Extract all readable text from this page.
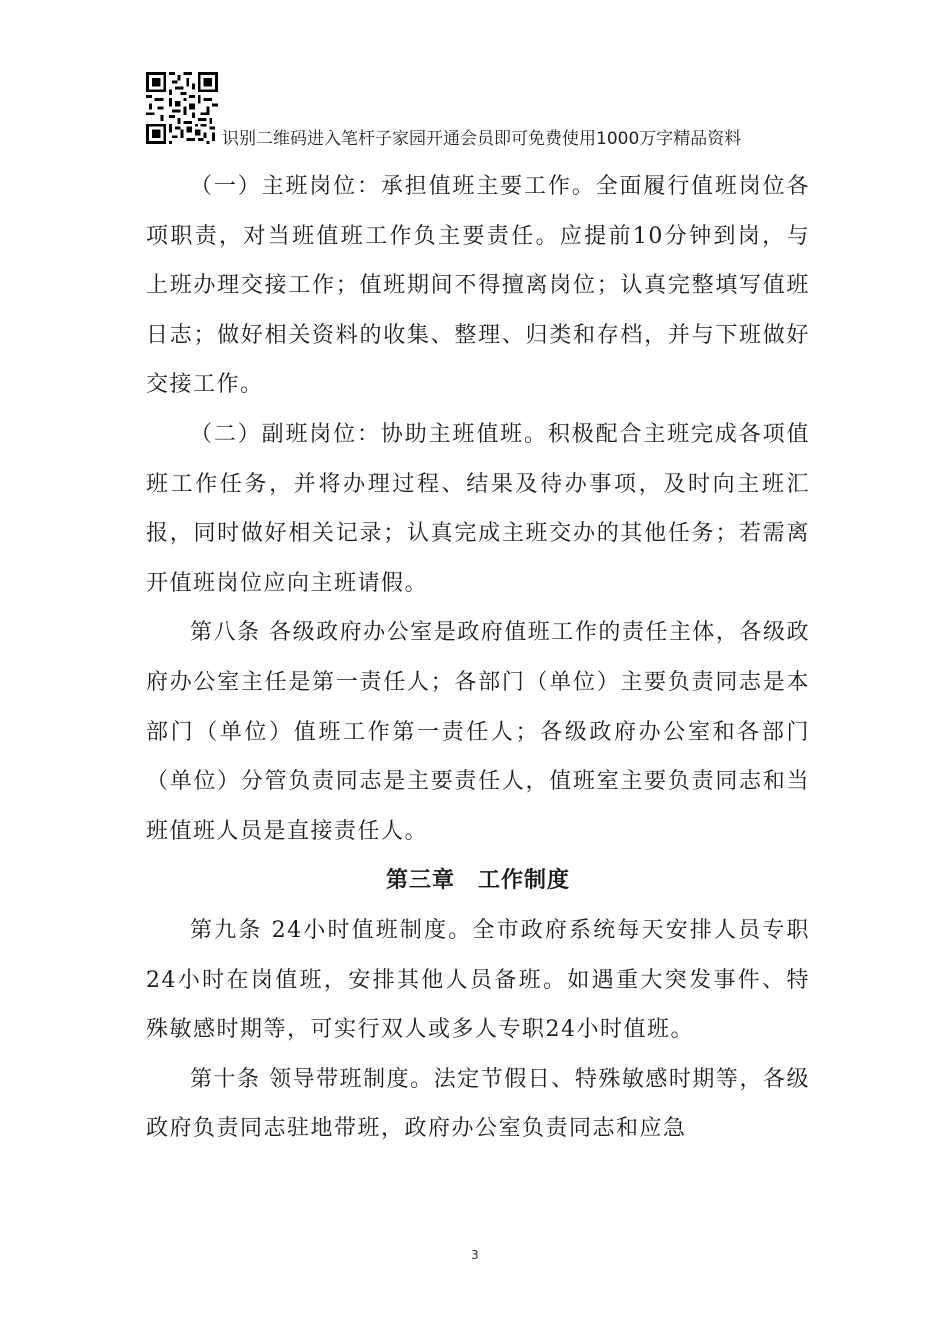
识别二维码进入笔杆子家园开通会员即可免费使用1000万字精品资料

（一）主班岗位：承担值班主要工作。全面履行值班岗位各项职责，对当班值班工作负主要责任。应提前10分钟到岗，与上班办理交接工作；值班期间不得擅离岗位；认真完整填写值班日志；做好相关资料的收集、整理、归类和存档，并与下班做好交接工作。

（二）副班岗位：协助主班值班。积极配合主班完成各项值班工作任务，并将办理过程、结果及待办事项，及时向主班汇报，同时做好相关记录；认真完成主班交办的其他任务；若需离开值班岗位应向主班请假。

第八条 各级政府办公室是政府值班工作的责任主体，各级政府办公室主任是第一责任人；各部门（单位）主要负责同志是本部门（单位）值班工作第一责任人；各级政府办公室和各部门（单位）分管负责同志是主要责任人，值班室主要负责同志和当班值班人员是直接责任人。

第三章　工作制度

第九条 24小时值班制度。全市政府系统每天安排人员专职24小时在岗值班，安排其他人员备班。如遇重大突发事件、特殊敏感时期等，可实行双人或多人专职24小时值班。

第十条 领导带班制度。法定节假日、特殊敏感时期等，各级政府负责同志驻地带班，政府办公室负责同志和应急

3
